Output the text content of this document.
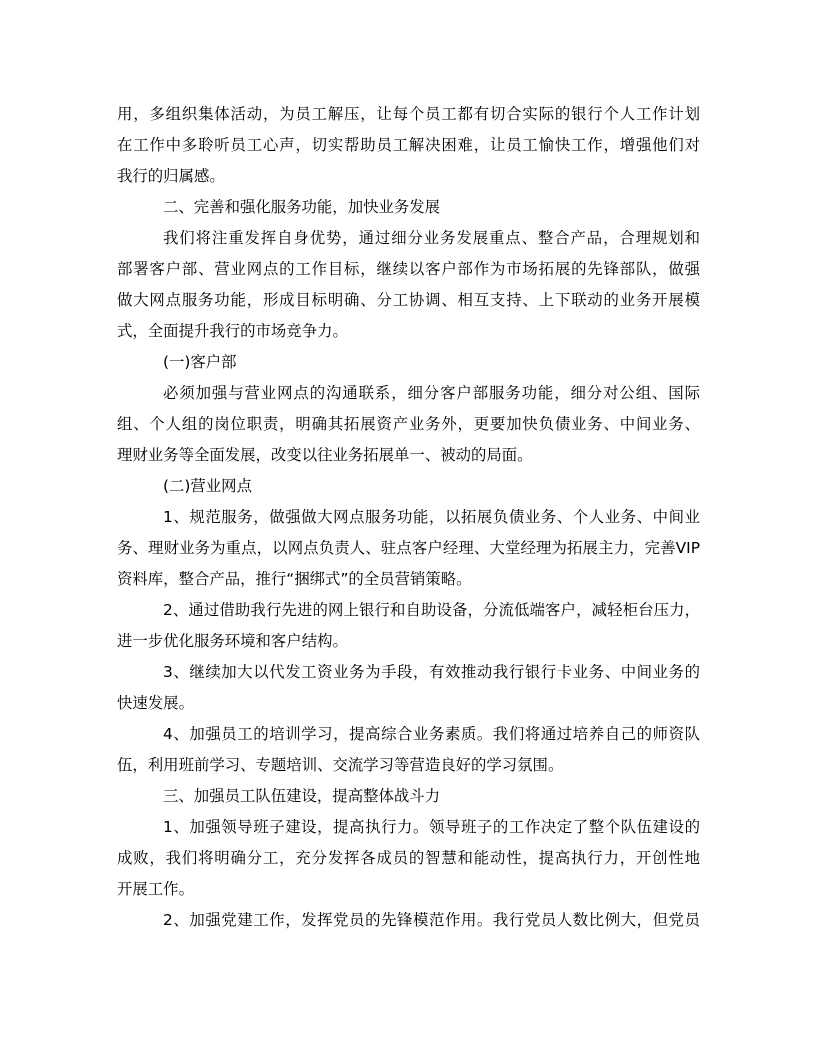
用，多组织集体活动，为员工解压，让每个员工都有切合实际的银行个人工作计划
在工作中多聆听员工心声，切实帮助员工解决困难，让员工愉快工作，增强他们对
我行的归属感。
二、完善和强化服务功能，加快业务发展
我们将注重发挥自身优势，通过细分业务发展重点、整合产品，合理规划和
部署客户部、营业网点的工作目标，继续以客户部作为市场拓展的先锋部队，做强
做大网点服务功能，形成目标明确、分工协调、相互支持、上下联动的业务开展模
式，全面提升我行的市场竞争力。
(一)客户部
必须加强与营业网点的沟通联系，细分客户部服务功能，细分对公组、国际
组、个人组的岗位职责，明确其拓展资产业务外，更要加快负债业务、中间业务、
理财业务等全面发展，改变以往业务拓展单一、被动的局面。
(二)营业网点
1、规范服务，做强做大网点服务功能，以拓展负债业务、个人业务、中间业
务、理财业务为重点，以网点负责人、驻点客户经理、大堂经理为拓展主力，完善VIP
资料库，整合产品，推行“捆绑式”的全员营销策略。
2、通过借助我行先进的网上银行和自助设备，分流低端客户，减轻柜台压力，
进一步优化服务环境和客户结构。
3、继续加大以代发工资业务为手段，有效推动我行银行卡业务、中间业务的
快速发展。
4、加强员工的培训学习，提高综合业务素质。我们将通过培养自己的师资队
伍，利用班前学习、专题培训、交流学习等营造良好的学习氛围。
三、加强员工队伍建设，提高整体战斗力
1、加强领导班子建设，提高执行力。领导班子的工作决定了整个队伍建设的
成败，我们将明确分工，充分发挥各成员的智慧和能动性，提高执行力，开创性地
开展工作。
2、加强党建工作，发挥党员的先锋模范作用。我行党员人数比例大，但党员
